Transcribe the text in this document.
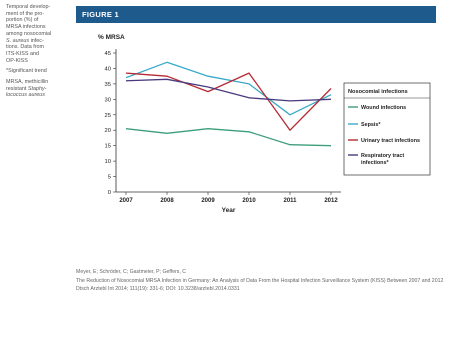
Temporal develop-
ment of the pro-
portion (%) of
MRSA infections
among nosocomial
S. aureus infec-
tions. Data from
ITS-KISS and
OP-KISS

*Significant trend

MRSA, methicillin
resistant Staphy-
lococcus aureus

FIGURE 1
% MRSA
0
5
10
15
20
25
30
35
40
45
2007	2008	2009	2010	2011	2012
Year
Nosocomial infections
Wound infections
Sepsis*
Urinary tract infections
Respiratory tract
infections*
Meyer, E; Schröder, C; Gastmeier, P; Geffers, C
The Reduction of Nosocomial MRSA Infection in Germany: An Analysis of Data From the Hospital Infection Surveillance System (KISS) Between 2007 and 2012
Dtsch Arztebl Int 2014; 111(19): 331-6; DOI: 10.3238/arztebl.2014.0331
